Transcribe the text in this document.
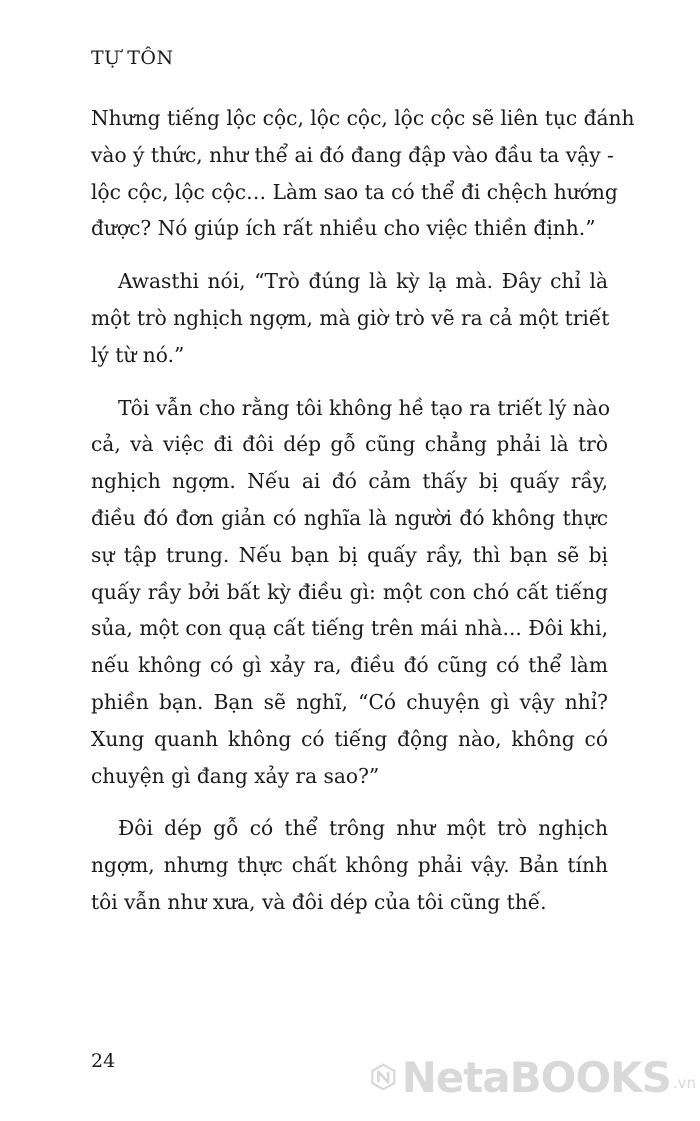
TỰ TÔN

Nhưng tiếng lộc cộc, lộc cộc, lộc cộc sẽ liên tục đánh
vào ý thức, như thể ai đó đang đập vào đầu ta vậy -
lộc cộc, lộc cộc… Làm sao ta có thể đi chệch hướng
được? Nó giúp ích rất nhiều cho việc thiền định.”

Awasthi nói, “Trò đúng là kỳ lạ mà. Đây chỉ là
một trò nghịch ngợm, mà giờ trò vẽ ra cả một triết
lý từ nó.”

Tôi vẫn cho rằng tôi không hề tạo ra triết lý nào
cả, và việc đi đôi dép gỗ cũng chẳng phải là trò
nghịch ngợm. Nếu ai đó cảm thấy bị quấy rầy,
điều đó đơn giản có nghĩa là người đó không thực
sự tập trung. Nếu bạn bị quấy rầy, thì bạn sẽ bị
quấy rầy bởi bất kỳ điều gì: một con chó cất tiếng
sủa, một con quạ cất tiếng trên mái nhà... Đôi khi,
nếu không có gì xảy ra, điều đó cũng có thể làm
phiền bạn. Bạn sẽ nghĩ, “Có chuyện gì vậy nhỉ?
Xung quanh không có tiếng động nào, không có
chuyện gì đang xảy ra sao?”

Đôi dép gỗ có thể trông như một trò nghịch
ngợm, nhưng thực chất không phải vậy. Bản tính
tôi vẫn như xưa, và đôi dép của tôi cũng thế.

24	NetaBOOKS .vn
